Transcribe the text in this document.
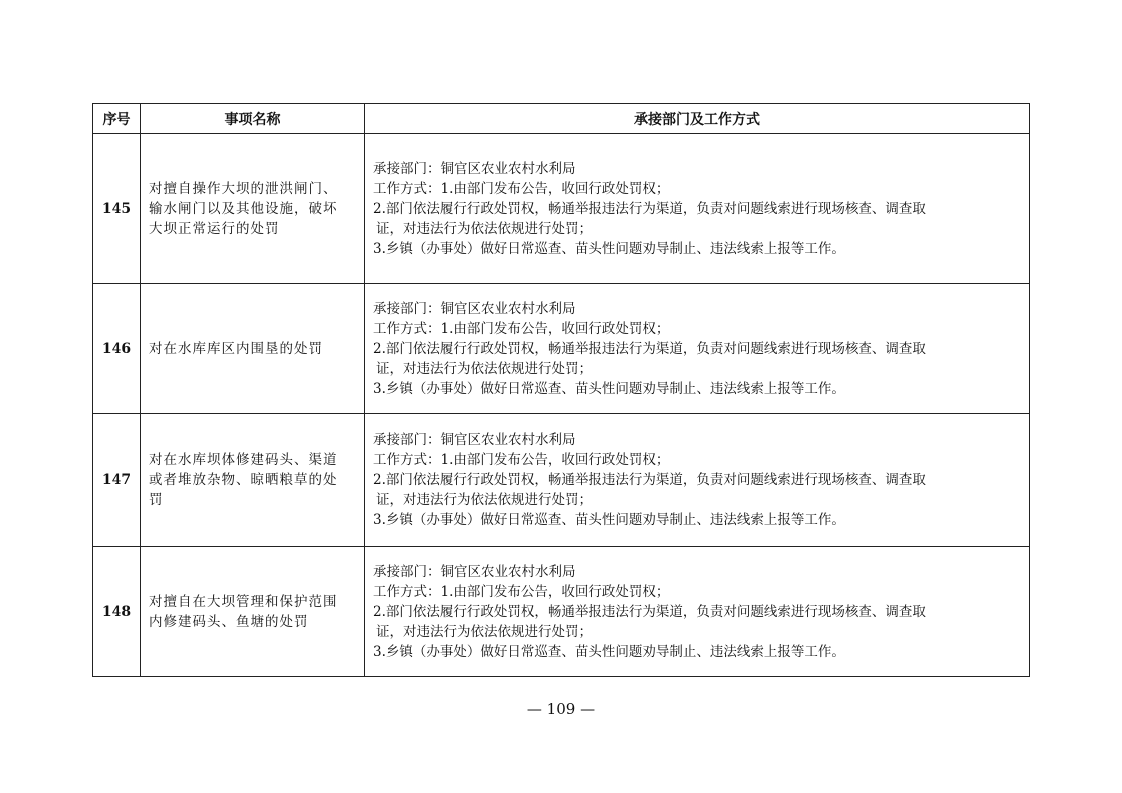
序号	事项名称	承接部门及工作方式
145	对擅自操作大坝的泄洪闸门、
输水闸门以及其他设施，破坏
大坝正常运行的处罚	承接部门：铜官区农业农村水利局
工作方式：1.由部门发布公告，收回行政处罚权；
2.部门依法履行行政处罚权，畅通举报违法行为渠道，负责对问题线索进行现场核查、调查取
证，对违法行为依法依规进行处罚；
3.乡镇（办事处）做好日常巡查、苗头性问题劝导制止、违法线索上报等工作。

146	对在水库库区内围垦的处罚	承接部门：铜官区农业农村水利局
工作方式：1.由部门发布公告，收回行政处罚权；
2.部门依法履行行政处罚权，畅通举报违法行为渠道，负责对问题线索进行现场核查、调查取
证，对违法行为依法依规进行处罚；
3.乡镇（办事处）做好日常巡查、苗头性问题劝导制止、违法线索上报等工作。

147	对在水库坝体修建码头、渠道
或者堆放杂物、晾晒粮草的处
罚	承接部门：铜官区农业农村水利局
工作方式：1.由部门发布公告，收回行政处罚权；
2.部门依法履行行政处罚权，畅通举报违法行为渠道，负责对问题线索进行现场核查、调查取
证，对违法行为依法依规进行处罚；
3.乡镇（办事处）做好日常巡查、苗头性问题劝导制止、违法线索上报等工作。

148	对擅自在大坝管理和保护范围
内修建码头、鱼塘的处罚	承接部门：铜官区农业农村水利局
工作方式：1.由部门发布公告，收回行政处罚权；
2.部门依法履行行政处罚权，畅通举报违法行为渠道，负责对问题线索进行现场核查、调查取
证，对违法行为依法依规进行处罚；
3.乡镇（办事处）做好日常巡查、苗头性问题劝导制止、违法线索上报等工作。
— 109 —
